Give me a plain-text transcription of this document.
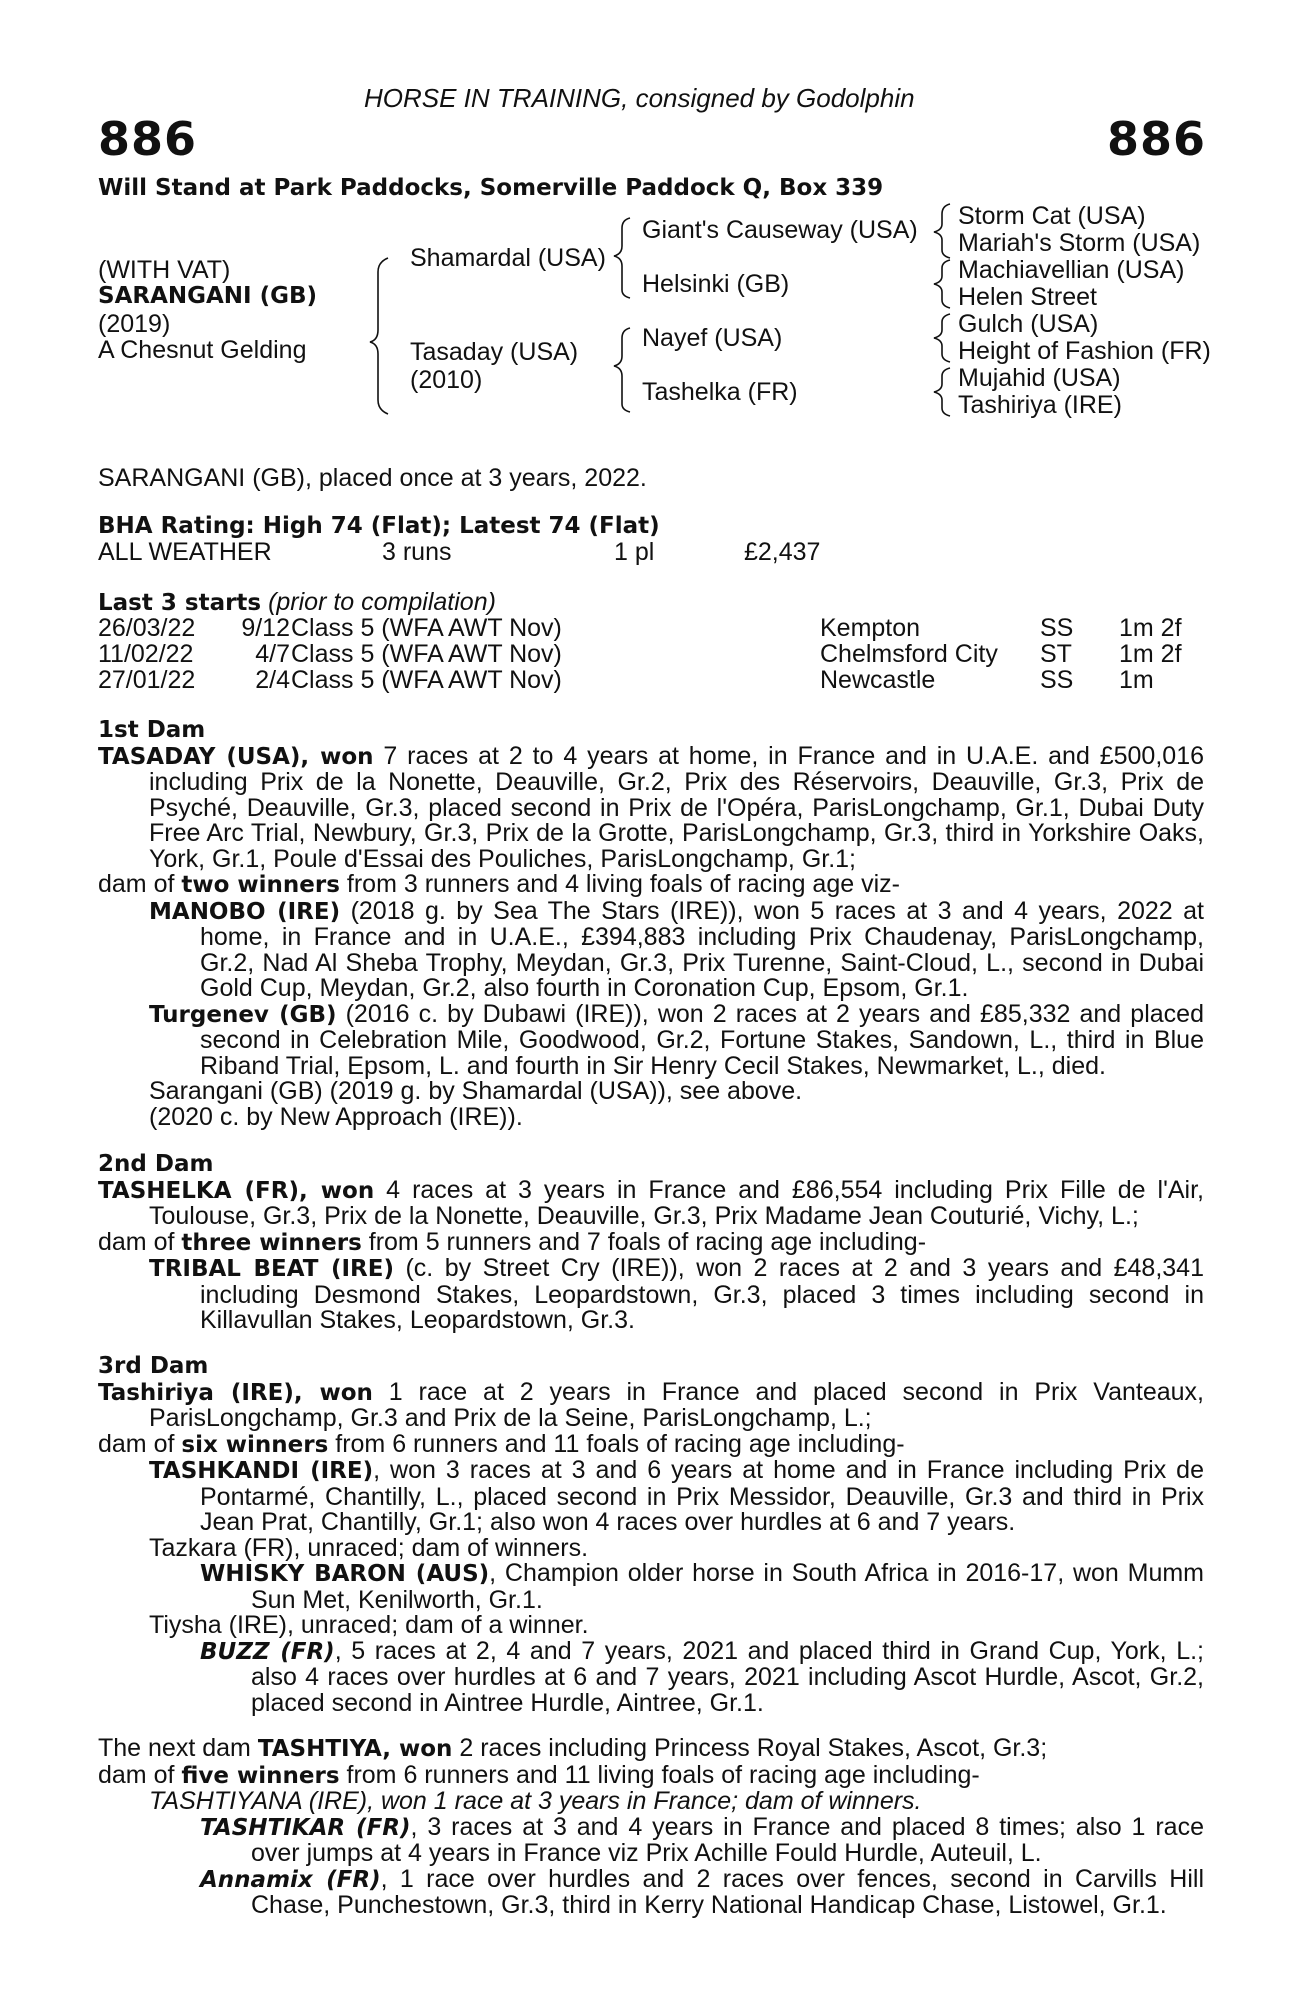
HORSE IN TRAINING, consigned by Godolphin
886	886
Will Stand at Park Paddocks, Somerville Paddock Q, Box 339
(WITH VAT)
SARANGANI (GB)
(2019)
A Chesnut Gelding
Shamardal (USA)
Tasaday (USA)
(2010)
Giant's Causeway (USA)
Helsinki (GB)
Nayef (USA)
Tashelka (FR)
Storm Cat (USA)
Mariah's Storm (USA)
Machiavellian (USA)
Helen Street
Gulch (USA)
Height of Fashion (FR)
Mujahid (USA)
Tashiriya (IRE)
SARANGANI (GB), placed once at 3 years, 2022.
BHA Rating: High 74 (Flat); Latest 74 (Flat)
ALL WEATHER	3 runs	1 pl	£2,437
Last 3 starts (prior to compilation)
26/03/22	9/12 Class 5 (WFA AWT Nov)	Kempton	SS 1m 2f
11/02/22	4/7 Class 5 (WFA AWT Nov)	Chelmsford City ST 1m 2f
27/01/22	2/4 Class 5 (WFA AWT Nov)	Newcastle	SS 1m
1st Dam
TASADAY (USA), won 7 races at 2 to 4 years at home, in France and in U.A.E. and £500,016 including Prix de la Nonette, Deauville, Gr.2, Prix des Réservoirs, Deauville, Gr.3, Prix de Psyché, Deauville, Gr.3, placed second in Prix de l'Opéra, ParisLongchamp, Gr.1, Dubai Duty Free Arc Trial, Newbury, Gr.3, Prix de la Grotte, ParisLongchamp, Gr.3, third in Yorkshire Oaks, York, Gr.1, Poule d'Essai des Pouliches, ParisLongchamp, Gr.1;
dam of two winners from 3 runners and 4 living foals of racing age viz-
MANOBO (IRE) (2018 g. by Sea The Stars (IRE)), won 5 races at 3 and 4 years, 2022 at home, in France and in U.A.E., £394,883 including Prix Chaudenay, ParisLongchamp, Gr.2, Nad Al Sheba Trophy, Meydan, Gr.3, Prix Turenne, Saint-Cloud, L., second in Dubai Gold Cup, Meydan, Gr.2, also fourth in Coronation Cup, Epsom, Gr.1.
Turgenev (GB) (2016 c. by Dubawi (IRE)), won 2 races at 2 years and £85,332 and placed second in Celebration Mile, Goodwood, Gr.2, Fortune Stakes, Sandown, L., third in Blue Riband Trial, Epsom, L. and fourth in Sir Henry Cecil Stakes, Newmarket, L., died.
Sarangani (GB) (2019 g. by Shamardal (USA)), see above.
(2020 c. by New Approach (IRE)).
2nd Dam
TASHELKA (FR), won 4 races at 3 years in France and £86,554 including Prix Fille de l'Air, Toulouse, Gr.3, Prix de la Nonette, Deauville, Gr.3, Prix Madame Jean Couturié, Vichy, L.;
dam of three winners from 5 runners and 7 foals of racing age including-
TRIBAL BEAT (IRE) (c. by Street Cry (IRE)), won 2 races at 2 and 3 years and £48,341 including Desmond Stakes, Leopardstown, Gr.3, placed 3 times including second in Killavullan Stakes, Leopardstown, Gr.3.
3rd Dam
Tashiriya (IRE), won 1 race at 2 years in France and placed second in Prix Vanteaux, ParisLongchamp, Gr.3 and Prix de la Seine, ParisLongchamp, L.;
dam of six winners from 6 runners and 11 foals of racing age including-
TASHKANDI (IRE), won 3 races at 3 and 6 years at home and in France including Prix de Pontarmé, Chantilly, L., placed second in Prix Messidor, Deauville, Gr.3 and third in Prix Jean Prat, Chantilly, Gr.1; also won 4 races over hurdles at 6 and 7 years.
Tazkara (FR), unraced; dam of winners.
WHISKY BARON (AUS), Champion older horse in South Africa in 2016-17, won Mumm Sun Met, Kenilworth, Gr.1.
Tiysha (IRE), unraced; dam of a winner.
BUZZ (FR), 5 races at 2, 4 and 7 years, 2021 and placed third in Grand Cup, York, L.; also 4 races over hurdles at 6 and 7 years, 2021 including Ascot Hurdle, Ascot, Gr.2, placed second in Aintree Hurdle, Aintree, Gr.1.
The next dam TASHTIYA, won 2 races including Princess Royal Stakes, Ascot, Gr.3;
dam of five winners from 6 runners and 11 living foals of racing age including-
TASHTIYANA (IRE), won 1 race at 3 years in France; dam of winners.
TASHTIKAR (FR), 3 races at 3 and 4 years in France and placed 8 times; also 1 race over jumps at 4 years in France viz Prix Achille Fould Hurdle, Auteuil, L.
Annamix (FR), 1 race over hurdles and 2 races over fences, second in Carvills Hill Chase, Punchestown, Gr.3, third in Kerry National Handicap Chase, Listowel, Gr.1.
